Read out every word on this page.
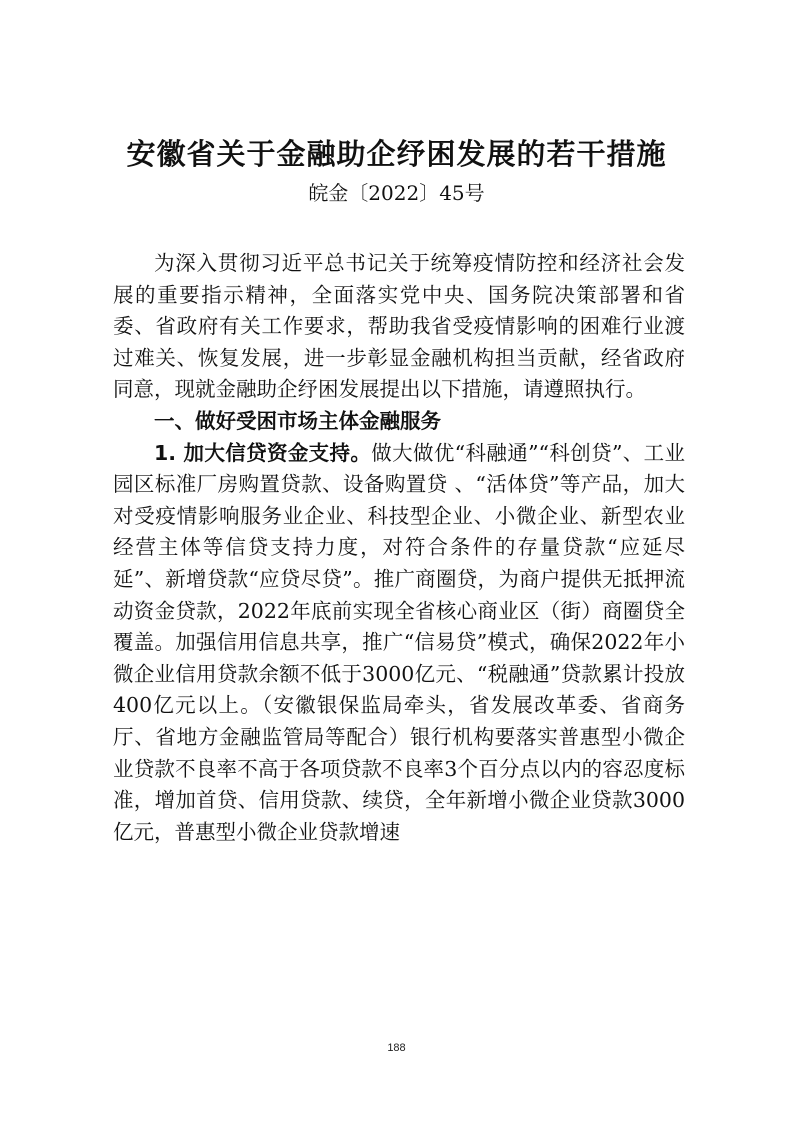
安徽省关于金融助企纾困发展的若干措施
皖金〔2022〕45号

为深入贯彻习近平总书记关于统筹疫情防控和经济社会发展的重要指示精神，全面落实党中央、国务院决策部署和省委、省政府有关工作要求，帮助我省受疫情影响的困难行业渡过难关、恢复发展，进一步彰显金融机构担当贡献，经省政府同意，现就金融助企纾困发展提出以下措施，请遵照执行。

一、做好受困市场主体金融服务

1. 加大信贷资金支持。做大做优“科融通”“科创贷”、工业园区标准厂房购置贷款、设备购置贷 、“活体贷”等产品，加大对受疫情影响服务业企业、科技型企业、小微企业、新型农业经营主体等信贷支持力度，对符合条件的存量贷款“应延尽延”、新增贷款“应贷尽贷”。推广商圈贷，为商户提供无抵押流动资金贷款，2022年底前实现全省核心商业区（街）商圈贷全覆盖。加强信用信息共享，推广“信易贷”模式，确保2022年小微企业信用贷款余额不低于3000亿元、“税融通”贷款累计投放400亿元以上。（安徽银保监局牵头，省发展改革委、省商务厅、省地方金融监管局等配合）银行机构要落实普惠型小微企业贷款不良率不高于各项贷款不良率3个百分点以内的容忍度标准，增加首贷、信用贷款、续贷，全年新增小微企业贷款3000亿元，普惠型小微企业贷款增速

188
